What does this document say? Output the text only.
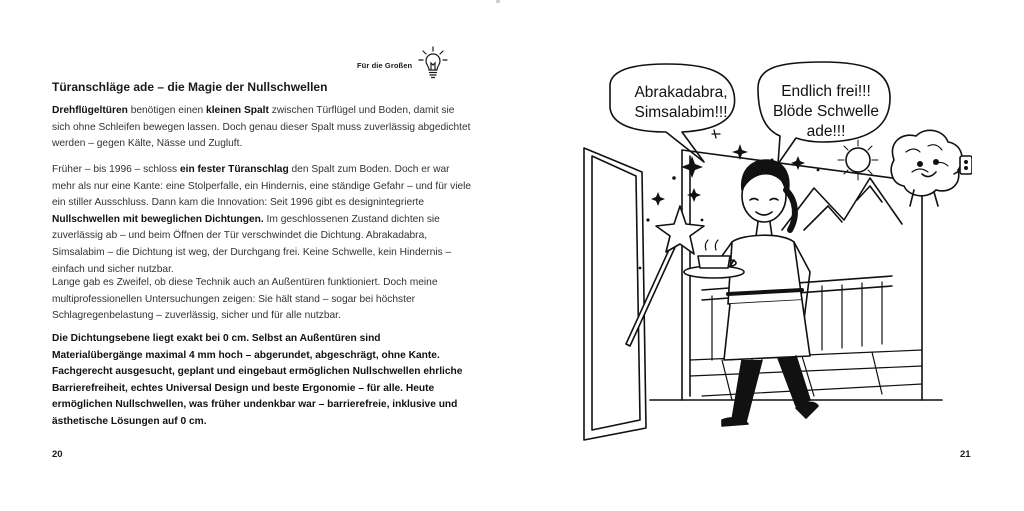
Für die Großen
Türanschläge ade – die Magie der Nullschwellen

Drehflügeltüren benötigen einen kleinen Spalt zwischen Türflügel und Boden, damit sie sich ohne Schleifen bewegen lassen. Doch genau dieser Spalt muss zuverlässig abgedichtet werden – gegen Kälte, Nässe und Zugluft.

Früher – bis 1996 – schloss ein fester Türanschlag den Spalt zum Boden. Doch er war mehr als nur eine Kante: eine Stolperfalle, ein Hindernis, eine ständige Gefahr – und für viele ein stiller Ausschluss. Dann kam die Innovation: Seit 1996 gibt es designintegrierte Nullschwellen mit beweglichen Dichtungen. Im geschlossenen Zustand dichten sie zuverlässig ab – und beim Öffnen der Tür verschwindet die Dichtung. Abrakadabra, Simsalabim – die Dichtung ist weg, der Durchgang frei. Keine Schwelle, kein Hindernis – einfach und sicher nutzbar.

Lange gab es Zweifel, ob diese Technik auch an Außentüren funktioniert. Doch meine multiprofessionellen Untersuchungen zeigen: Sie hält stand – sogar bei höchster Schlagregenbelastung – zuverlässig, sicher und für alle nutzbar.

Die Dichtungsebene liegt exakt bei 0 cm. Selbst an Außentüren sind Materialübergänge maximal 4 mm hoch – abgerundet, abgeschrägt, ohne Kante. Fachgerecht ausgesucht, geplant und eingebaut ermöglichen Nullschwellen ehrliche Barrierefreiheit, echtes Universal Design und beste Ergonomie – für alle. Heute ermöglichen Nullschwellen, was früher undenkbar war – barrierefreie, inklusive und ästhetische Lösungen auf 0 cm.

20
Abrakadabra,
Simsalabim!!!
Endlich frei!!!
Blöde Schwelle
ade!!!
21
